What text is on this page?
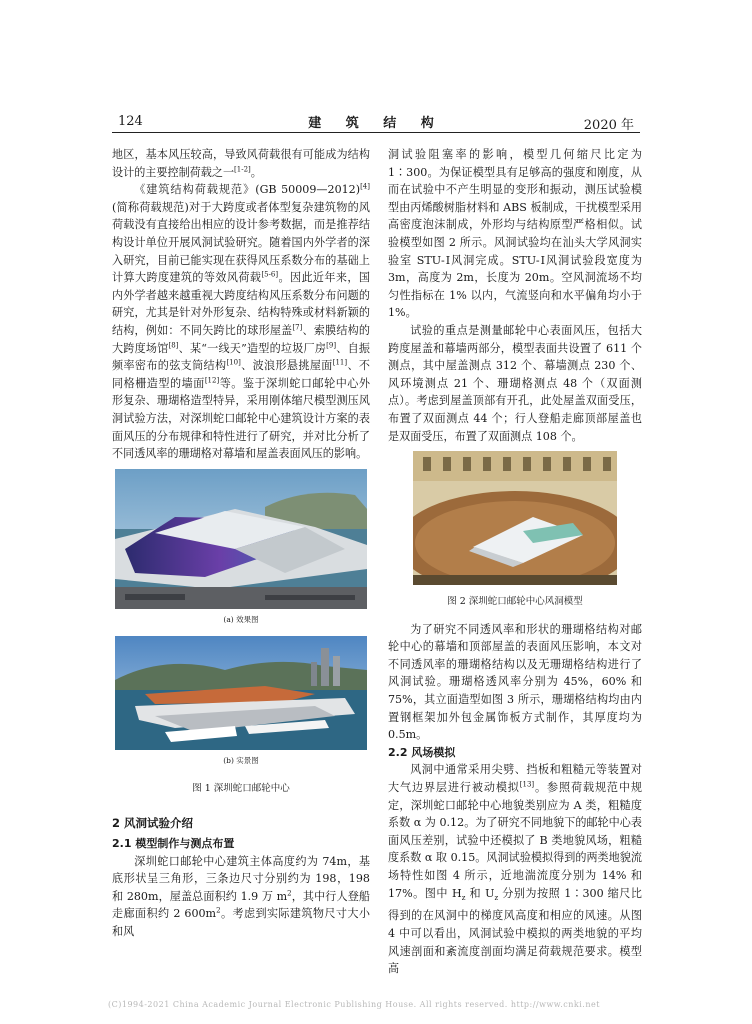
124	建 筑 结 构	2020 年

地区，基本风压较高，导致风荷载很有可能成为结构设计的主要控制荷载之一[1-2]。

《建筑结构荷载规范》(GB 50009—2012)[4](简称荷载规范)对于大跨度或者体型复杂建筑物的风荷载没有直接给出相应的设计参考数据，而是推荐结构设计单位开展风洞试验研究。随着国内外学者的深入研究，目前已能实现在获得风压系数分布的基础上计算大跨度建筑的等效风荷载[5-6]。因此近年来，国内外学者越来越重视大跨度结构风压系数分布问题的研究，尤其是针对外形复杂、结构特殊或材料新颖的结构，例如：不同矢跨比的球形屋盖[7]、索膜结构的大跨度场馆[8]、某“一线天”造型的垃圾厂房[9]、自振频率密布的弦支筒结构[10]、波浪形悬挑屋面[11]、不同格栅造型的墙面[12]等。鉴于深圳蛇口邮轮中心外形复杂、珊瑚格造型特异，采用刚体缩尺模型测压风洞试验方法，对深圳蛇口邮轮中心建筑设计方案的表面风压的分布规律和特性进行了研究，并对比分析了不同透风率的珊瑚格对幕墙和屋盖表面风压的影响。

(a) 效果图
(b) 实景图
图 1 深圳蛇口邮轮中心
2 风洞试验介绍
2.1 模型制作与测点布置

深圳蛇口邮轮中心建筑主体高度约为 74m，基底形状呈三角形，三条边尺寸分别约为 198，198 和 280m，屋盖总面积约 1.9 万 $m^2$，其中行人登船走廊面积约 2 $600m^2$。考虑到实际建筑物尺寸大小和风

洞试验阻塞率的影响，模型几何缩尺比定为 1∶300。为保证模型具有足够高的强度和刚度，从而在试验中不产生明显的变形和振动，测压试验模型由丙烯酸树脂材料和 ABS 板制成，干扰模型采用高密度泡沫制成，外形均与结构原型严格相似。试验模型如图 2 所示。风洞试验均在汕头大学风洞实验室 STU-Ⅰ风洞完成。STU-Ⅰ风洞试验段宽度为 3m，高度为 2m，长度为 20m。空风洞流场不均匀性指标在 1% 以内，气流竖向和水平偏角均小于 1%。

试验的重点是测量邮轮中心表面风压，包括大跨度屋盖和幕墙两部分，模型表面共设置了 611 个测点，其中屋盖测点 312 个、幕墙测点 230 个、风环境测点 21 个、珊瑚格测点 48 个（双面测点）。考虑到屋盖顶部有开孔，此处屋盖双面受压，布置了双面测点 44 个；行人登船走廊顶部屋盖也是双面受压，布置了双面测点 108 个。

图 2 深圳蛇口邮轮中心风洞模型

为了研究不同透风率和形状的珊瑚格结构对邮轮中心的幕墙和顶部屋盖的表面风压影响，本文对不同透风率的珊瑚格结构以及无珊瑚格结构进行了风洞试验。珊瑚格透风率分别为 45%，60% 和 75%，其立面造型如图 3 所示，珊瑚格结构均由内置钢框架加外包金属饰板方式制作，其厚度均为 0.5m。

2.2 风场模拟

风洞中通常采用尖劈、挡板和粗糙元等装置对大气边界层进行被动模拟[13]。参照荷载规范中规定，深圳蛇口邮轮中心地貌类别应为 A 类，粗糙度系数 α 为 0.12。为了研究不同地貌下的邮轮中心表面风压差别，试验中还模拟了 B 类地貌风场，粗糙度系数 α 取 0.15。风洞试验模拟得到的两类地貌流场特性如图 4 所示，近地湍流度分别为 14% 和 17%。图中 $H_z$ 和 $U_z$ 分别为按照 1∶300 缩尺比得到的在风洞中的梯度风高度和相应的风速。从图 4 中可以看出，风洞试验中模拟的两类地貌的平均风速剖面和紊流度剖面均满足荷载规范要求。模型高

(C)1994-2021 China Academic Journal Electronic Publishing House. All rights reserved. http://www.cnki.net
